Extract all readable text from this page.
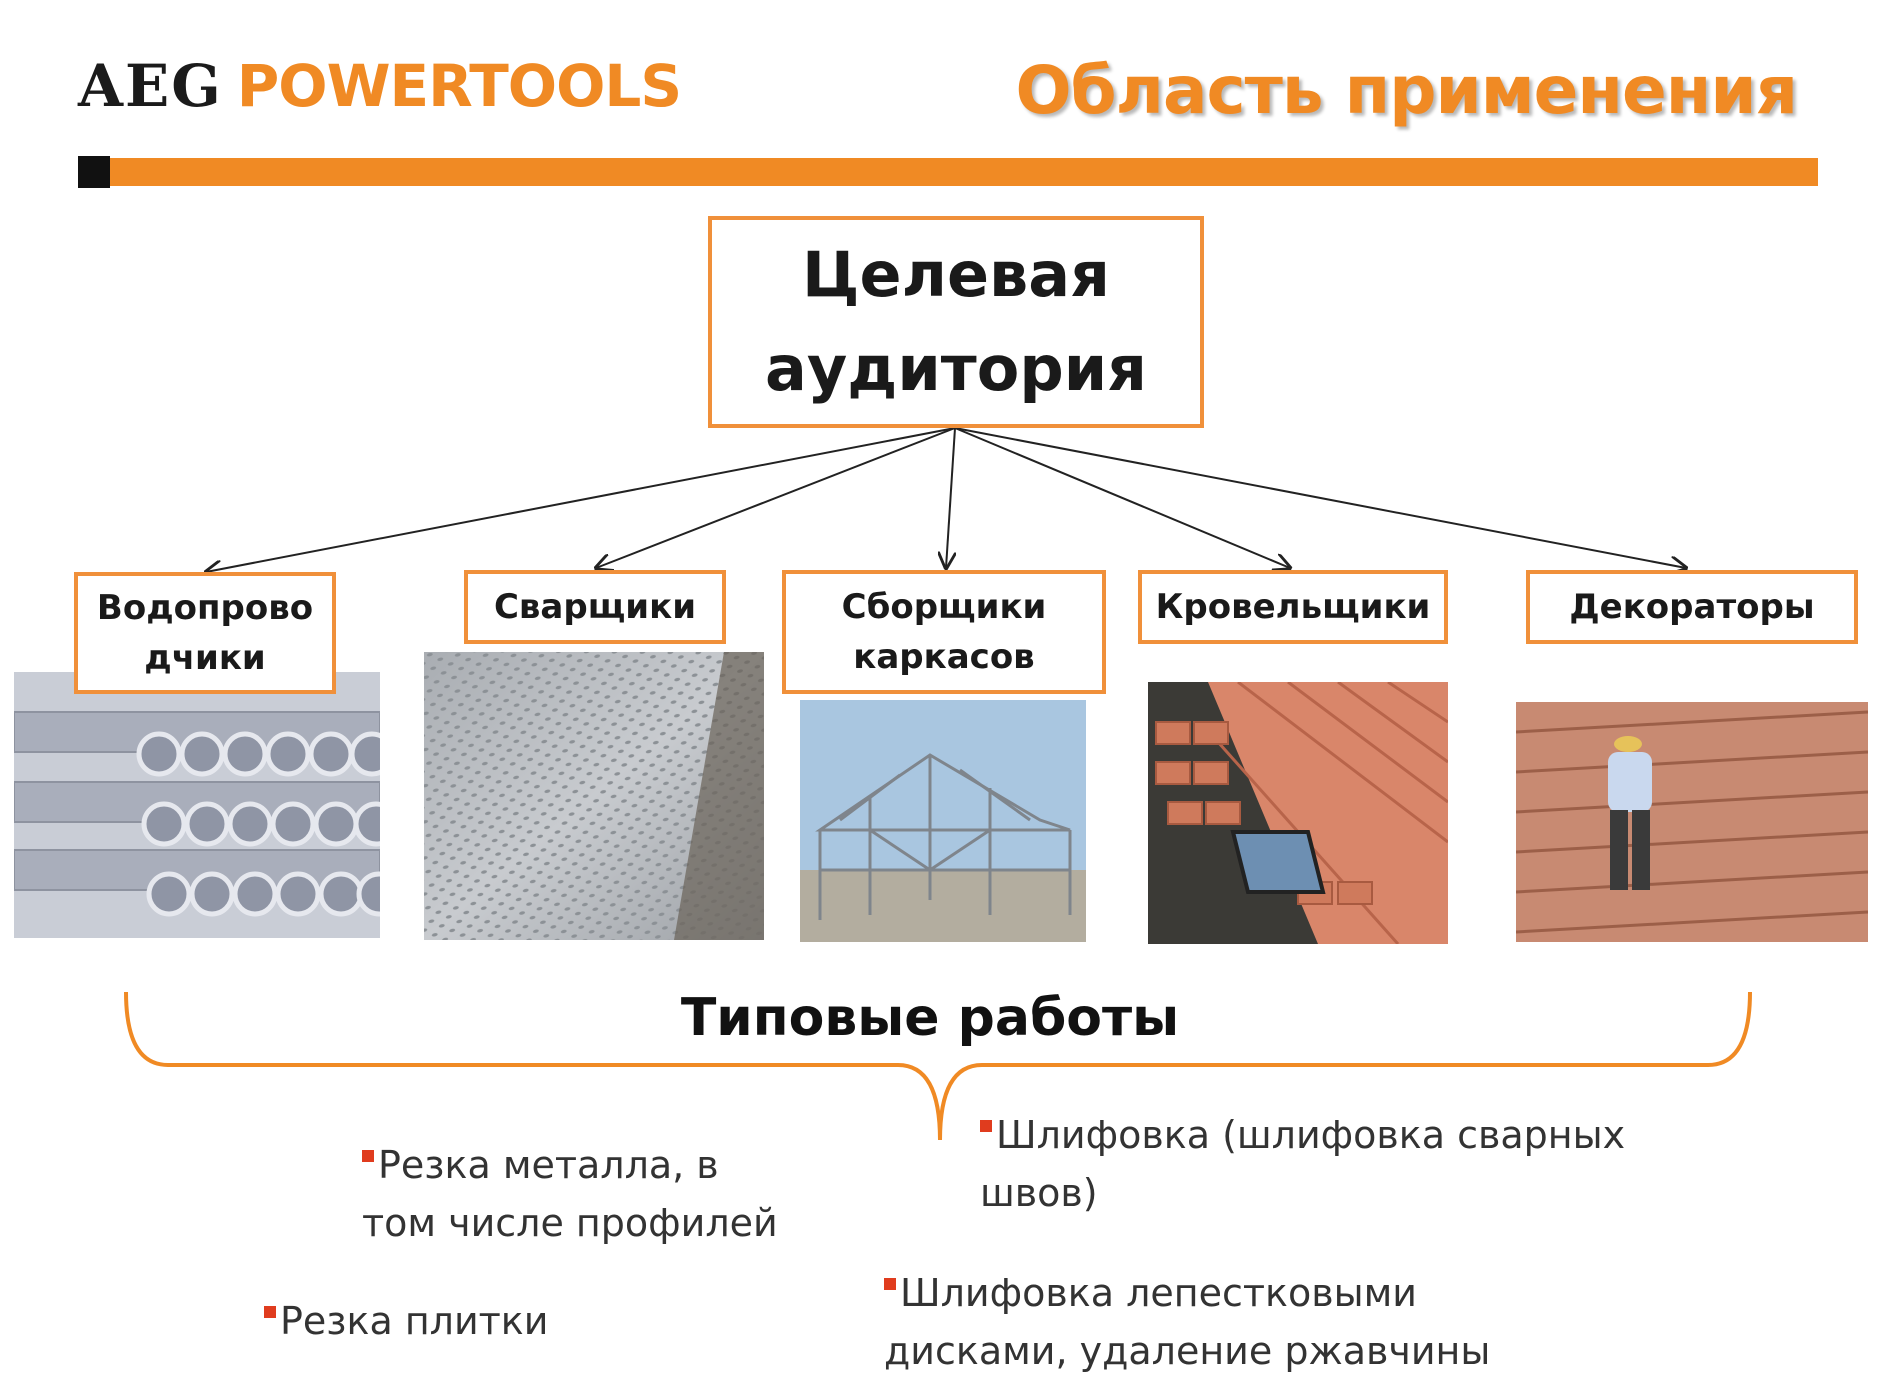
AEG POWERTOOLS	Область применения
Целевая
аудитория
Водопрово
дчики
Сварщики	Сборщики
каркасов
Кровельщики	Декораторы
Типовые работы
Резка металла, в
том числе профилей
Шлифовка (шлифовка сварных
швов)
Резка плитки
Шлифовка лепестковыми
дисками, удаление ржавчины
